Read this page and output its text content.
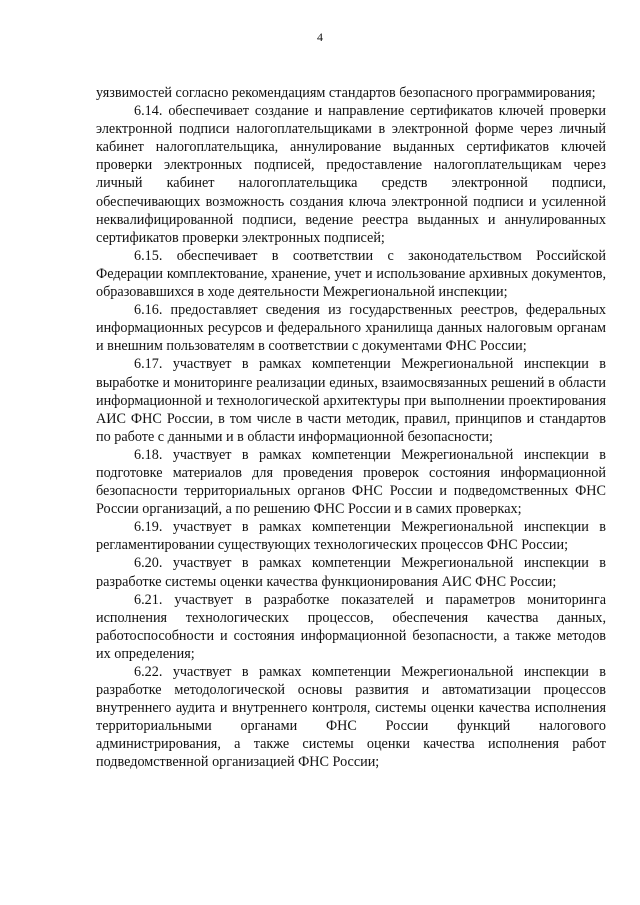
4

уязвимостей согласно рекомендациям стандартов безопасного программирования;

6.14. обеспечивает создание и направление сертификатов ключей проверки электронной подписи налогоплательщиками в электронной форме через личный кабинет налогоплательщика, аннулирование выданных сертификатов ключей проверки электронных подписей, предоставление налогоплательщикам через личный кабинет налогоплательщика средств электронной подписи, обеспечивающих возможность создания ключа электронной подписи и усиленной неквалифицированной подписи, ведение реестра выданных и аннулированных сертификатов проверки электронных подписей;

6.15. обеспечивает в соответствии с законодательством Российской Федерации комплектование, хранение, учет и использование архивных документов, образовавшихся в ходе деятельности Межрегиональной инспекции;

6.16. предоставляет сведения из государственных реестров, федеральных информационных ресурсов и федерального хранилища данных налоговым органам и внешним пользователям в соответствии с документами ФНС России;

6.17. участвует в рамках компетенции Межрегиональной инспекции в выработке и мониторинге реализации единых, взаимосвязанных решений в области информационной и технологической архитектуры при выполнении проектирования АИС ФНС России, в том числе в части методик, правил, принципов и стандартов по работе с данными и в области информационной безопасности;

6.18. участвует в рамках компетенции Межрегиональной инспекции в подготовке материалов для проведения проверок состояния информационной безопасности территориальных органов ФНС России и подведомственных ФНС России организаций, а по решению ФНС России и в самих проверках;

6.19. участвует в рамках компетенции Межрегиональной инспекции в регламентировании существующих технологических процессов ФНС России;

6.20. участвует в рамках компетенции Межрегиональной инспекции в разработке системы оценки качества функционирования АИС ФНС России;

6.21. участвует в разработке показателей и параметров мониторинга исполнения технологических процессов, обеспечения качества данных, работоспособности и состояния информационной безопасности, а также методов их определения;

6.22. участвует в рамках компетенции Межрегиональной инспекции в разработке методологической основы развития и автоматизации процессов внутреннего аудита и внутреннего контроля, системы оценки качества исполнения территориальными органами ФНС России функций налогового администрирования, а также системы оценки качества исполнения работ подведомственной организацией ФНС России;
